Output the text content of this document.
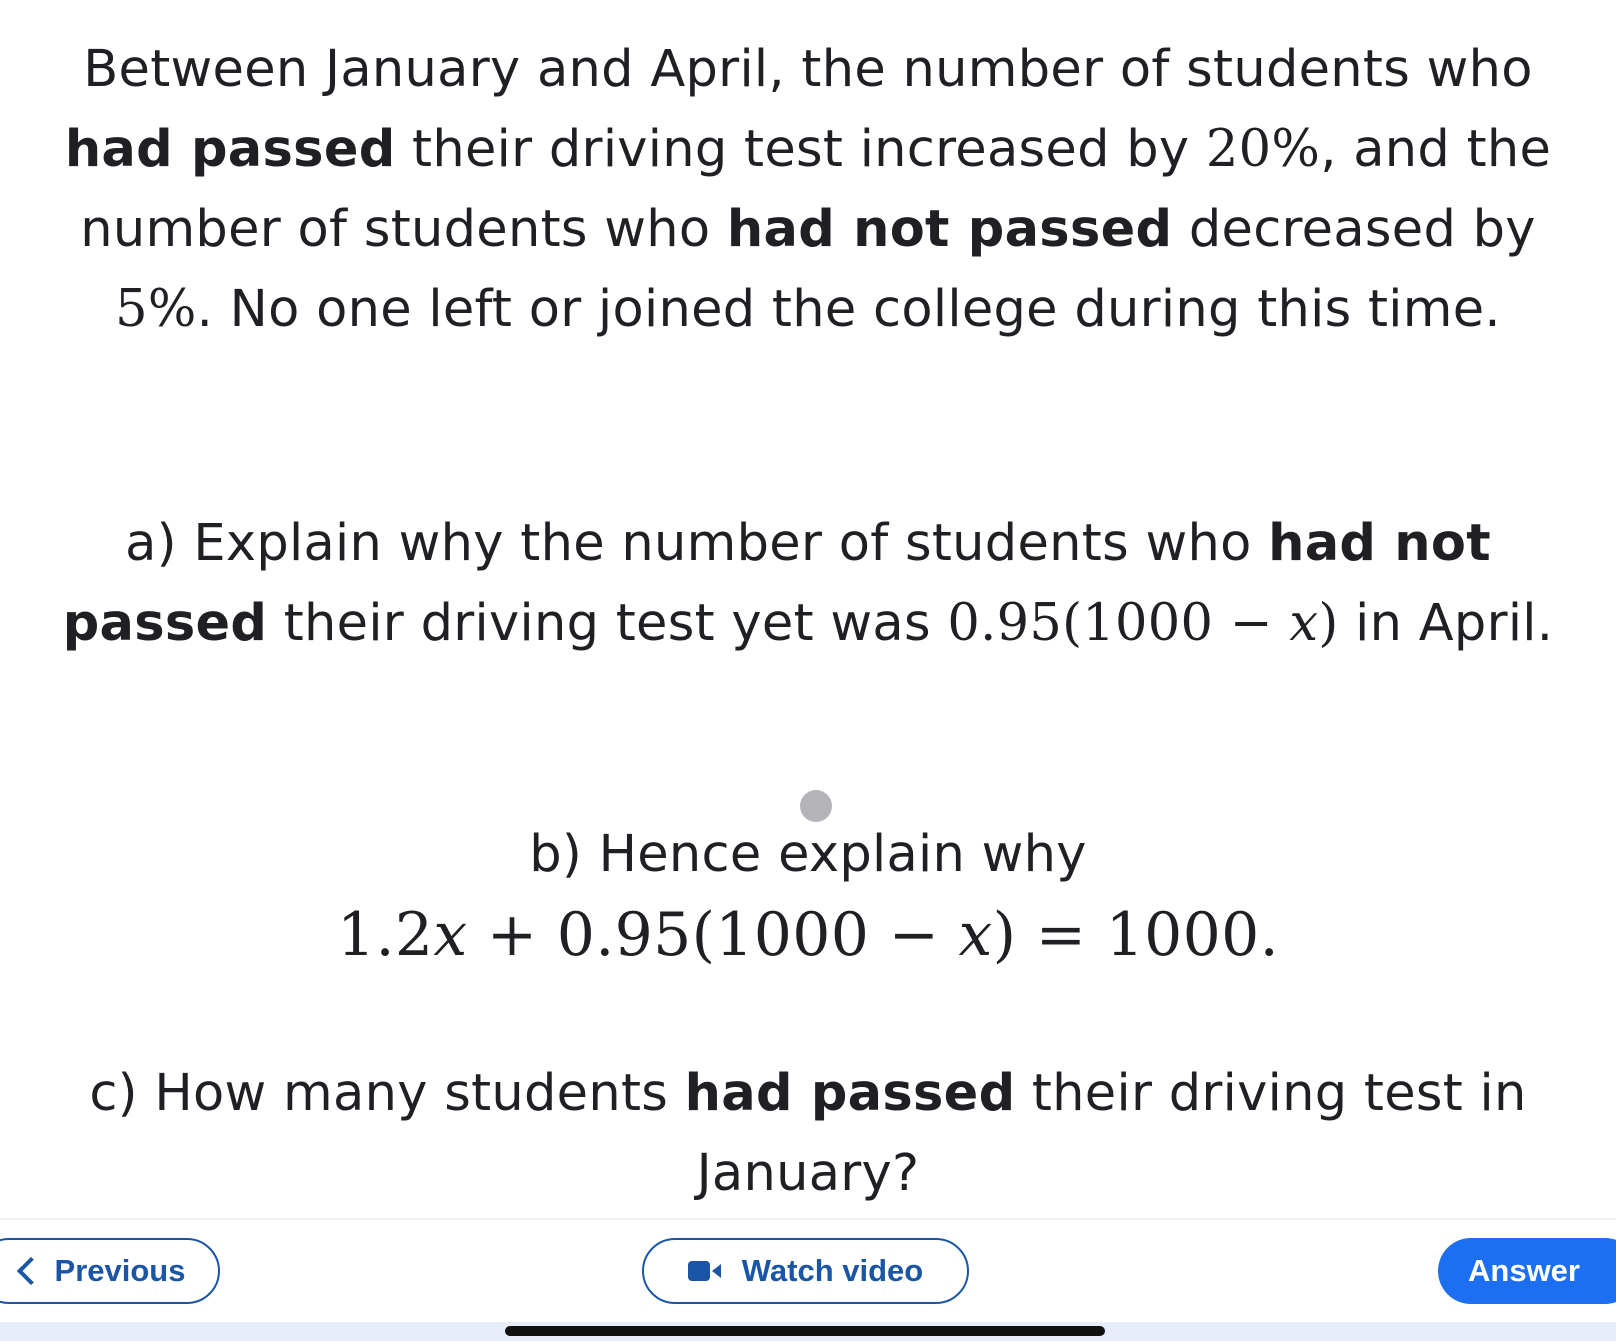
Between January and April, the number of students who had passed their driving test increased by 20%, and the number of students who had not passed decreased by 5%. No one left or joined the college during this time.

a) Explain why the number of students who had not passed their driving test yet was 0.95(1000 − x) in April.

b) Hence explain why
1.2x + 0.95(1000 − x) = 1000.

c) How many students had passed their driving test in January?

Previous	Watch video	Answer
